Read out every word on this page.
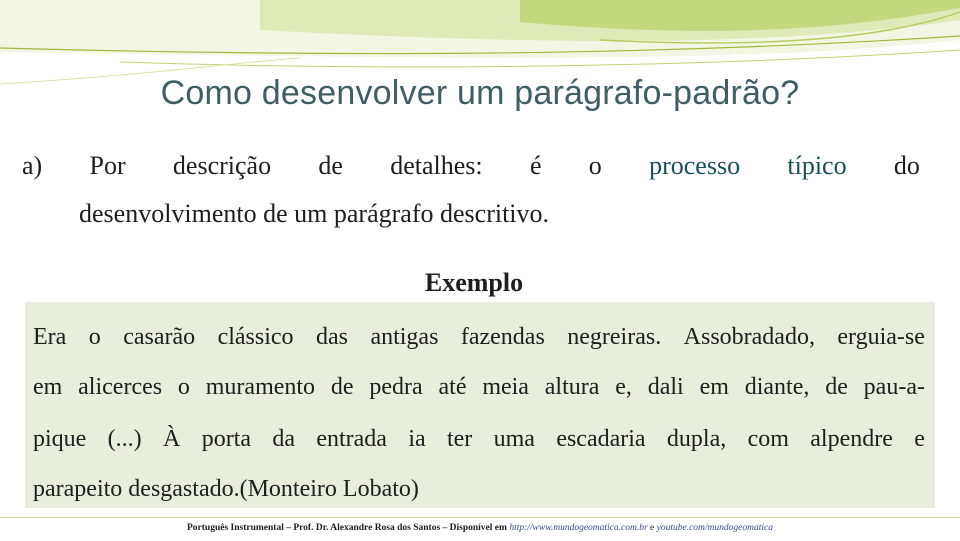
Como desenvolver um parágrafo-padrão?
a) Por descrição de detalhes: é o processo típico do
desenvolvimento de um parágrafo descritivo.
Exemplo
Era o casarão clássico das antigas fazendas negreiras. Assobradado, erguia-se
em alicerces o muramento de pedra até meia altura e, dali em diante, de pau-a-
pique (...) À porta da entrada ia ter uma escadaria dupla, com alpendre e
parapeito desgastado.(Monteiro Lobato)
Português Instrumental – Prof. Dr. Alexandre Rosa dos Santos – Disponível em http://www.mundogeomatica.com.br e youtube.com/mundogeomatica
